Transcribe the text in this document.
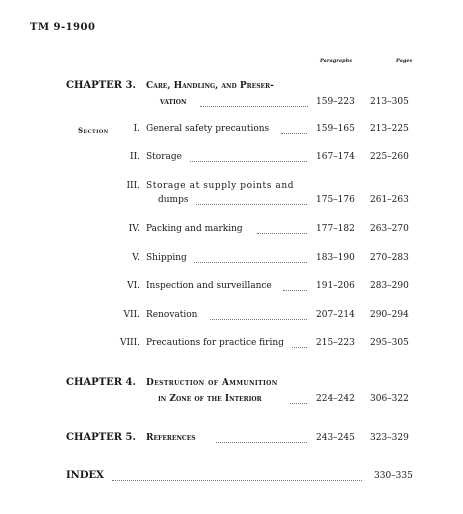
TM 9-1900
Paragraphs	Pages
CHAPTER 3. Care, Handling, and Preser-
vation	159–223 213–305
Section	I. General safety precautions	159–165 213–225
II. Storage	167–174 225–260
III. Storage at supply points and
dumps	175–176 261–263
IV. Packing and marking	177–182 263–270
V. Shipping	183–190 270–283
VI. Inspection and surveillance	191–206 283–290
VII. Renovation	207–214 290–294
VIII. Precautions for practice firing	215–223 295–305
CHAPTER 4. Destruction of Ammunition
in Zone of the Interior	224–242 306–322
CHAPTER 5. References	243–245 323–329
INDEX	330–335
